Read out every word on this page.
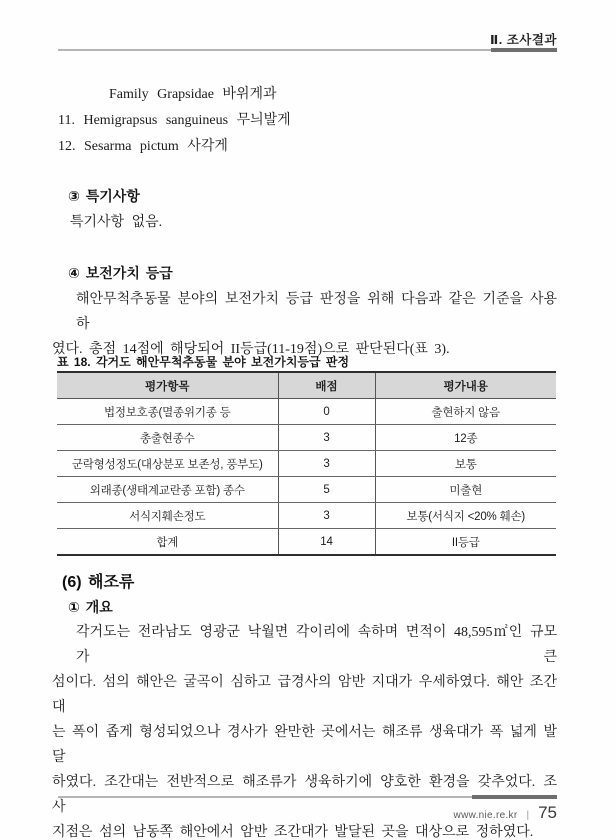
Ⅱ. 조사결과
Family Grapsidae 바위게과
11. Hemigrapsus sanguineus 무늬발게
12. Sesarma pictum 사각게
③ 특기사항
특기사항 없음.
④ 보전가치 등급
해안무척추동물 분야의 보전가치 등급 판정을 위해 다음과 같은 기준을 사용하
였다. 총점 14점에 해당되어 II등급(11-19점)으로 판단된다(표 3).
표 18. 각거도 해안무척추동물 분야 보전가치등급 판정
평가항목	배점	평가내용
법정보호종(멸종위기종 등	0	출현하지 않음
총출현종수	3	12종
군락형성정도(대상분포 보존성, 풍부도)	3	보통
외래종(생태계교란종 포함) 종수	5	미출현
서식지훼손정도	3	보통(서식지 <20% 훼손)
합계	14	II등급
(6) 해조류
① 개요
각거도는 전라남도 영광군 낙월면 각이리에 속하며 면적이 48,595㎡인 규모가 큰
섬이다. 섬의 해안은 굴곡이 심하고 급경사의 암반 지대가 우세하였다. 해안 조간대
는 폭이 좁게 형성되었으나 경사가 완만한 곳에서는 해조류 생육대가 폭 넓게 발달
하였다. 조간대는 전반적으로 해조류가 생육하기에 양호한 환경을 갖추었다. 조사
지점은 섬의 남동쪽 해안에서 암반 조간대가 발달된 곳을 대상으로 정하였다.
www.nie.re.kr | 75
